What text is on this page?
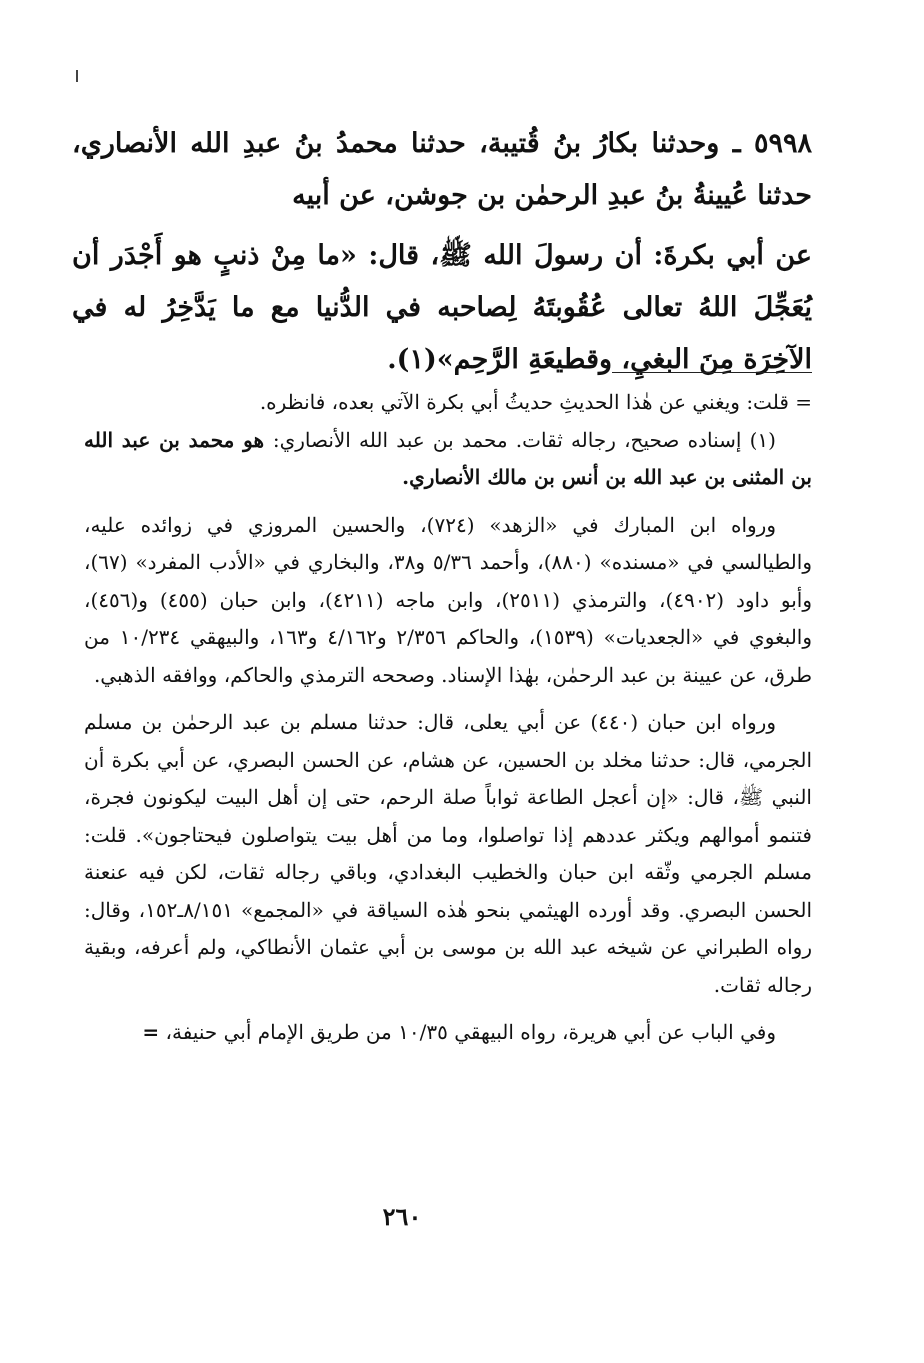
٥٩٩٨ ـ وحدثنا بكارُ بنُ قُتيبة، حدثنا محمدُ بنُ عبدِ الله الأنصاري، حدثنا عُيينةُ بنُ عبدِ الرحمٰن بن جوشن، عن أبيه

عن أبي بكرةَ: أن رسولَ الله ﷺ، قال: «ما مِنْ ذنبٍ هو أَجْدَر أن يُعَجِّلَ اللهُ تعالى عُقُوبتَهُ لِصاحبه في الدُّنيا مع ما يَدَّخِرُ له في الآخِرَة مِنَ البغيِ، وقطيعَةِ الرَّحِم»(١).

= قلت: ويغني عن هٰذا الحديثِ حديثُ أبي بكرة الآتي بعده، فانظره.

(١) إسناده صحيح، رجاله ثقات. محمد بن عبد الله الأنصاري: هو محمد بن عبد الله بن المثنى بن عبد الله بن أنس بن مالك الأنصاري.

ورواه ابن المبارك في «الزهد» (٧٢٤)، والحسين المروزي في زوائده عليه، والطيالسي في «مسنده» (٨٨٠)، وأحمد ٥/٣٦ و٣٨، والبخاري في «الأدب المفرد» (٦٧)، وأبو داود (٤٩٠٢)، والترمذي (٢٥١١)، وابن ماجه (٤٢١١)، وابن حبان (٤٥٥) و(٤٥٦)، والبغوي في «الجعديات» (١٥٣٩)، والحاكم ٢/٣٥٦ و٤/١٦٢ و١٦٣، والبيهقي ١٠/٢٣٤ من طرق، عن عيينة بن عبد الرحمٰن، بهٰذا الإسناد. وصححه الترمذي والحاكم، ووافقه الذهبي.

ورواه ابن حبان (٤٤٠) عن أبي يعلى، قال: حدثنا مسلم بن عبد الرحمٰن بن مسلم الجرمي، قال: حدثنا مخلد بن الحسين، عن هشام، عن الحسن البصري، عن أبي بكرة أن النبي ﷺ، قال: «إن أعجل الطاعة ثواباً صلة الرحم، حتى إن أهل البيت ليكونون فجرة، فتنمو أموالهم ويكثر عددهم إذا تواصلوا، وما من أهل بيت يتواصلون فيحتاجون». قلت: مسلم الجرمي وثّقه ابن حبان والخطيب البغدادي، وباقي رجاله ثقات، لكن فيه عنعنة الحسن البصري. وقد أورده الهيثمي بنحو هٰذه السياقة في «المجمع» ٨/١٥١ـ١٥٢، وقال: رواه الطبراني عن شيخه عبد الله بن موسى بن أبي عثمان الأنطاكي، ولم أعرفه، وبقية رجاله ثقات.

وفي الباب عن أبي هريرة، رواه البيهقي ١٠/٣٥ من طريق الإمام أبي حنيفة، =

٢٦٠
